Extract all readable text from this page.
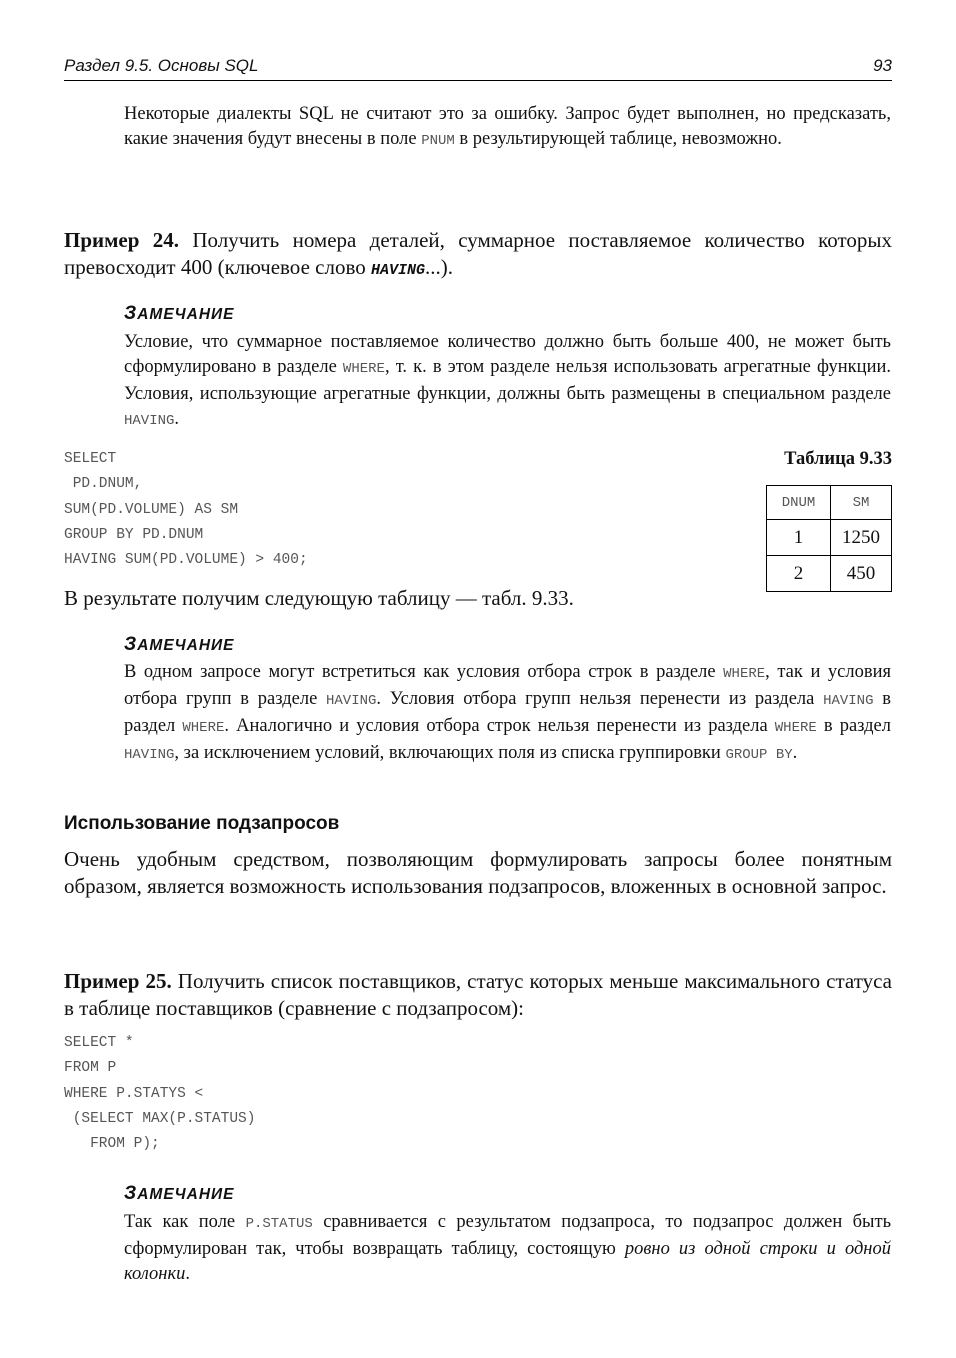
Раздел 9.5. Основы SQL	93

Некоторые диалекты SQL не считают это за ошибку. Запрос будет выполнен, но предсказать, какие значения будут внесены в поле PNUM в результирующей таблице, невозможно.

Пример 24. Получить номера деталей, суммарное поставляемое количество которых превосходит 400 (ключевое слово HAVING...).

ЗАМЕЧАНИЕ

Условие, что суммарное поставляемое количество должно быть больше 400, не может быть сформулировано в разделе WHERE, т. к. в этом разделе нельзя использовать агрегатные функции. Условия, использующие агрегатные функции, должны быть размещены в специальном разделе HAVING.

SELECT
PD.DNUM,
SUM(PD.VOLUME) AS SM
GROUP BY PD.DNUM
HAVING SUM(PD.VOLUME) > 400;

Таблица 9.33

DNUM	SM
1	1250
2	450

В результате получим следующую таблицу — табл. 9.33.

ЗАМЕЧАНИЕ

В одном запросе могут встретиться как условия отбора строк в разделе WHERE, так и условия отбора групп в разделе HAVING. Условия отбора групп нельзя перенести из раздела HAVING в раздел WHERE. Аналогично и условия отбора строк нельзя перенести из раздела WHERE в раздел HAVING, за исключением условий, включающих поля из списка группировки GROUP BY.

Использование подзапросов

Очень удобным средством, позволяющим формулировать запросы более понятным образом, является возможность использования подзапросов, вложенных в основной запрос.

Пример 25. Получить список поставщиков, статус которых меньше максимального статуса в таблице поставщиков (сравнение с подзапросом):

SELECT *
FROM P
WHERE P.STATYS <
(SELECT MAX(P.STATUS)
FROM P);
ЗАМЕЧАНИЕ

Так как поле P.STATUS сравнивается с результатом подзапроса, то подзапрос должен быть сформулирован так, чтобы возвращать таблицу, состоящую ровно из одной строки и одной колонки.
